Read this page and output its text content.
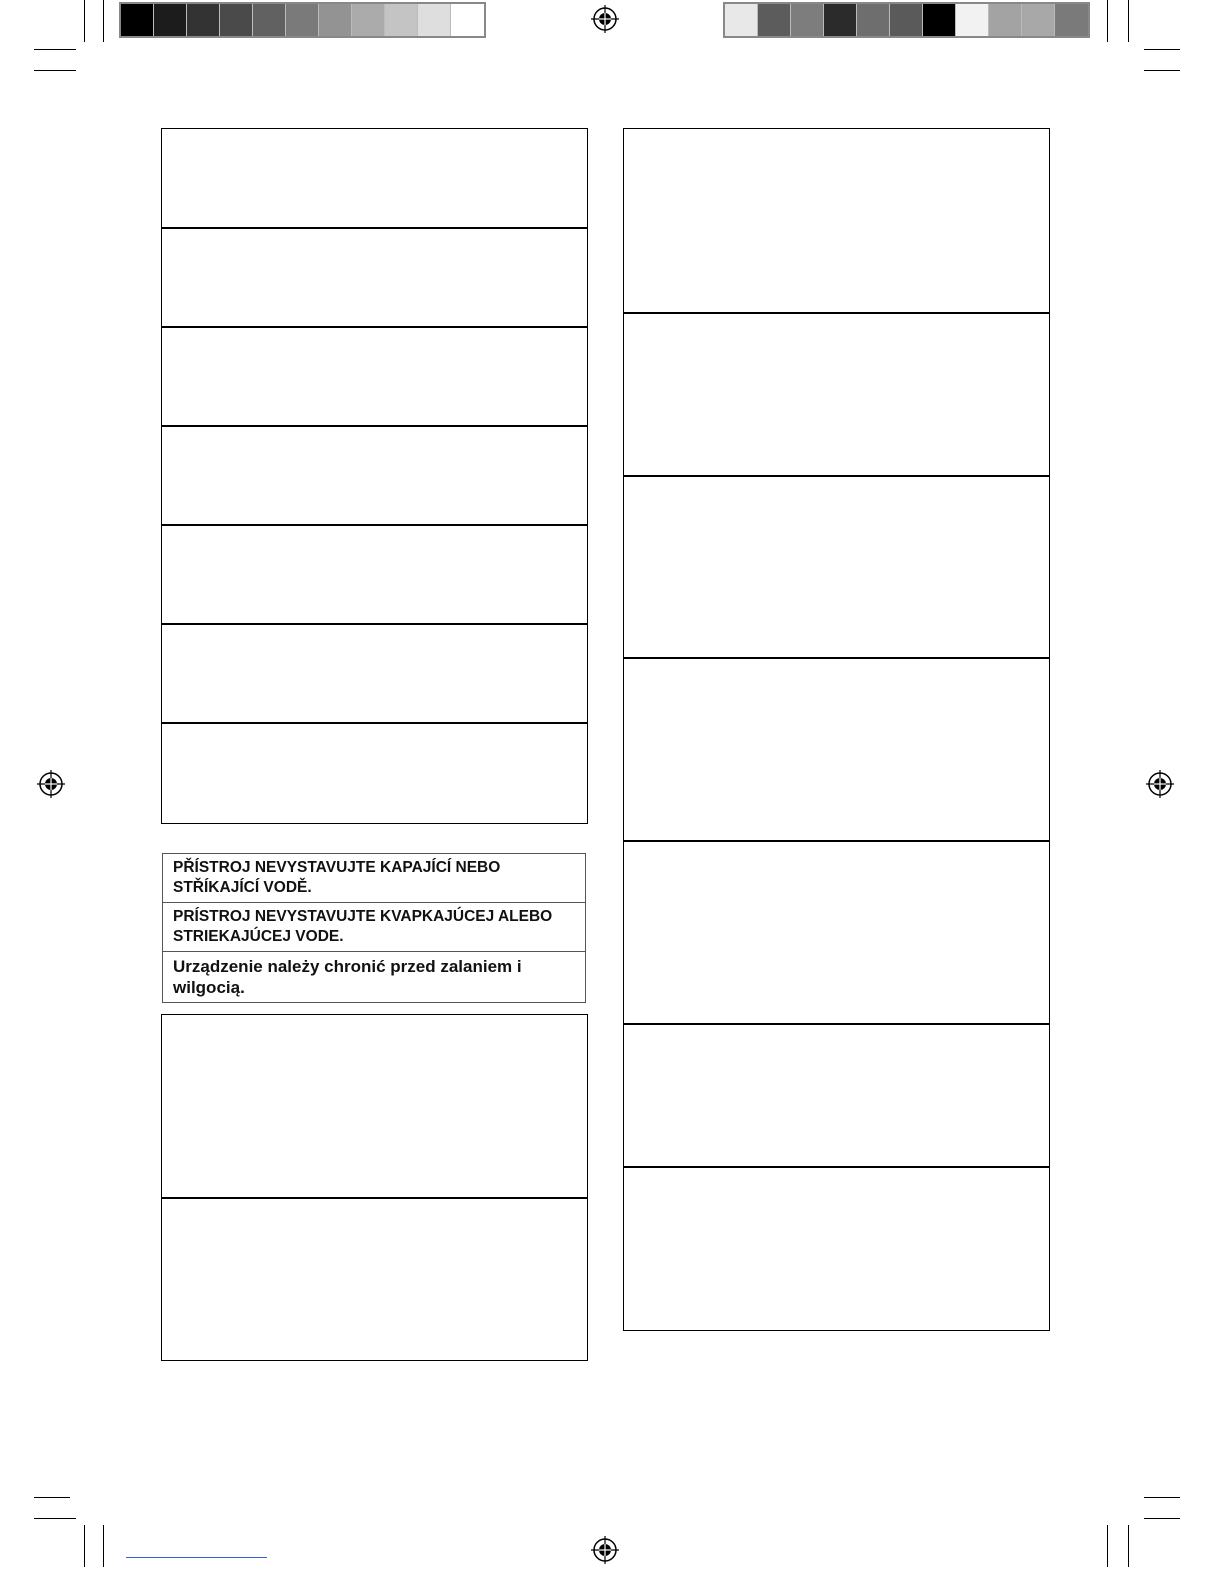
PŘÍSTROJ NEVYSTAVUJTE KAPAJÍCÍ NEBO
STŘÍKAJÍCÍ VODĚ.
PRÍSTROJ NEVYSTAVUJTE KVAPKAJÚCEJ ALEBO
STRIEKAJÚCEJ VODE.
Urządzenie należy chronić przed zalaniem i
wilgocią.
